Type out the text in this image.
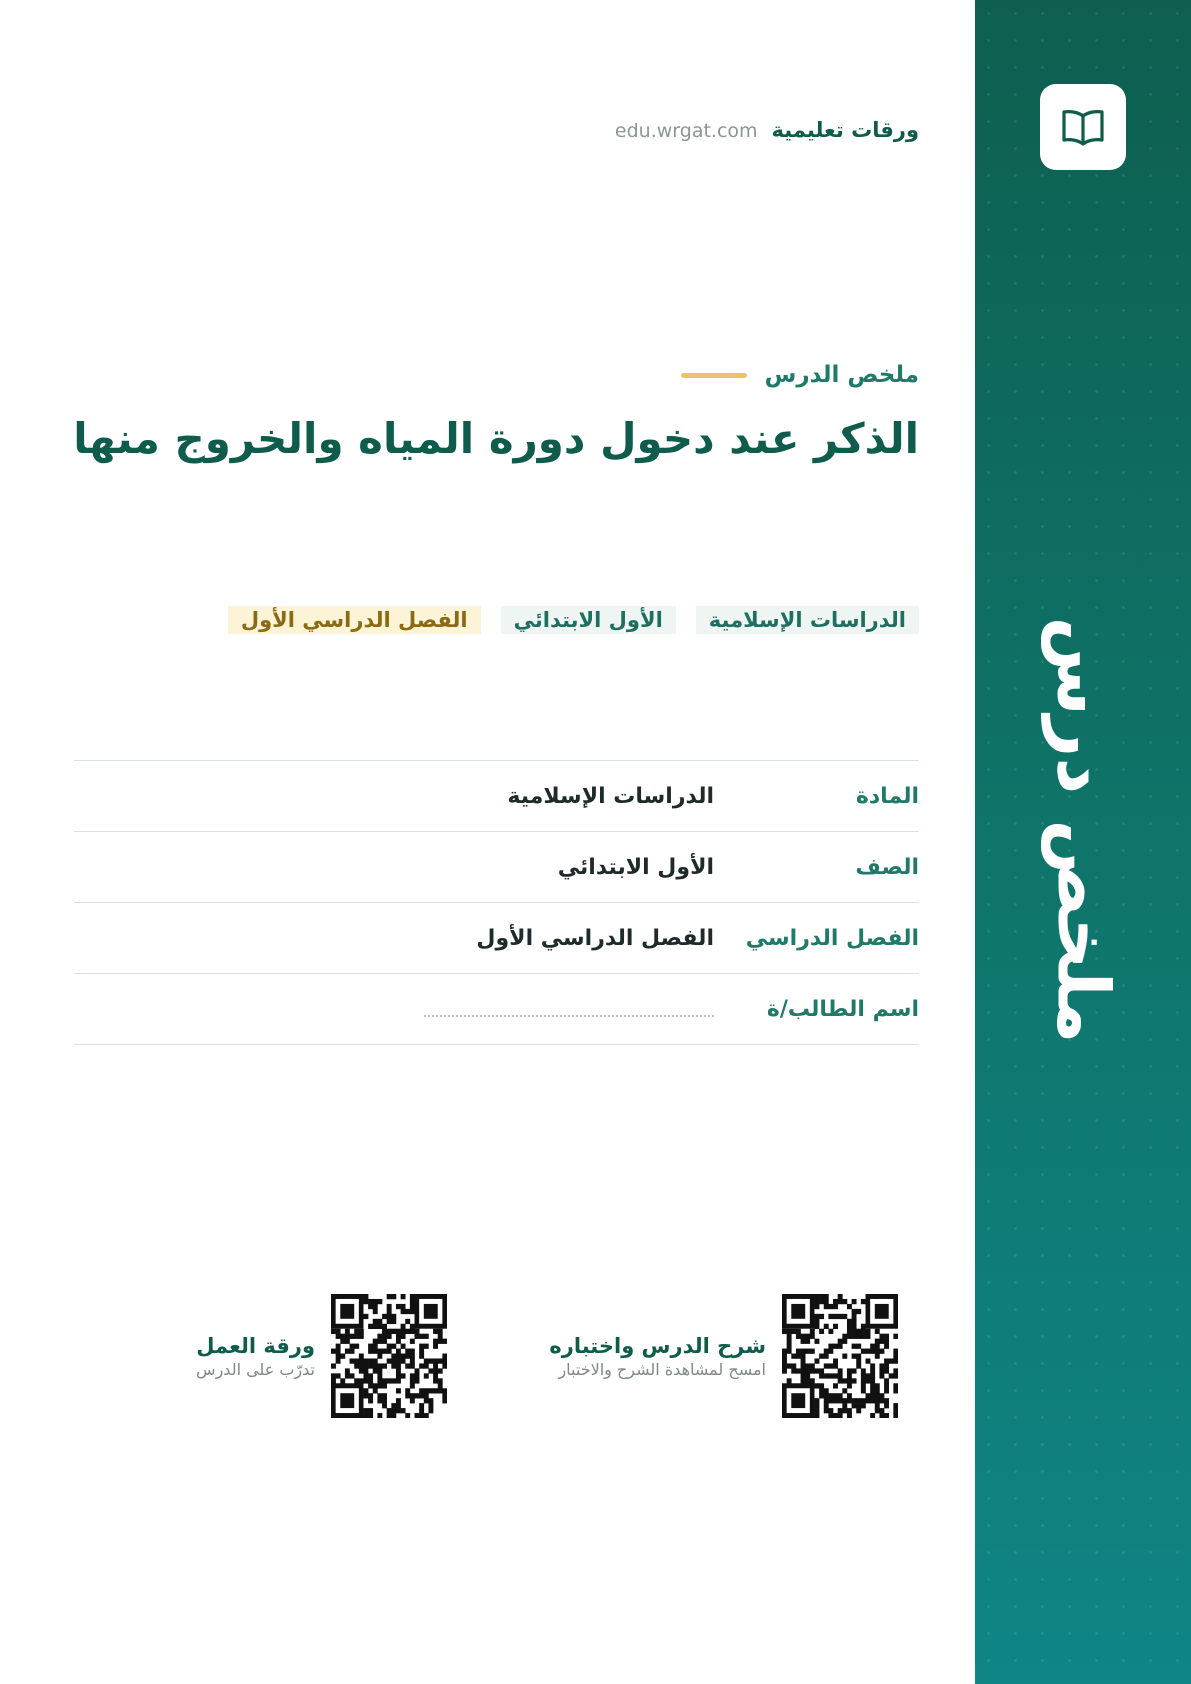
ملخص درس
ورقات تعليمية
edu.wrgat.com
ملخص الدرس
الذكر عند دخول دورة المياه والخروج منها
الدراسات الإسلامية
الأول الابتدائي
الفصل الدراسي الأول
المادة
الدراسات الإسلامية
الصف
الأول الابتدائي
الفصل الدراسي
الفصل الدراسي الأول
اسم الطالب/ة
شرح الدرس واختباره
امسح لمشاهدة الشرح والاختبار
ورقة العمل
تدرّب على الدرس
